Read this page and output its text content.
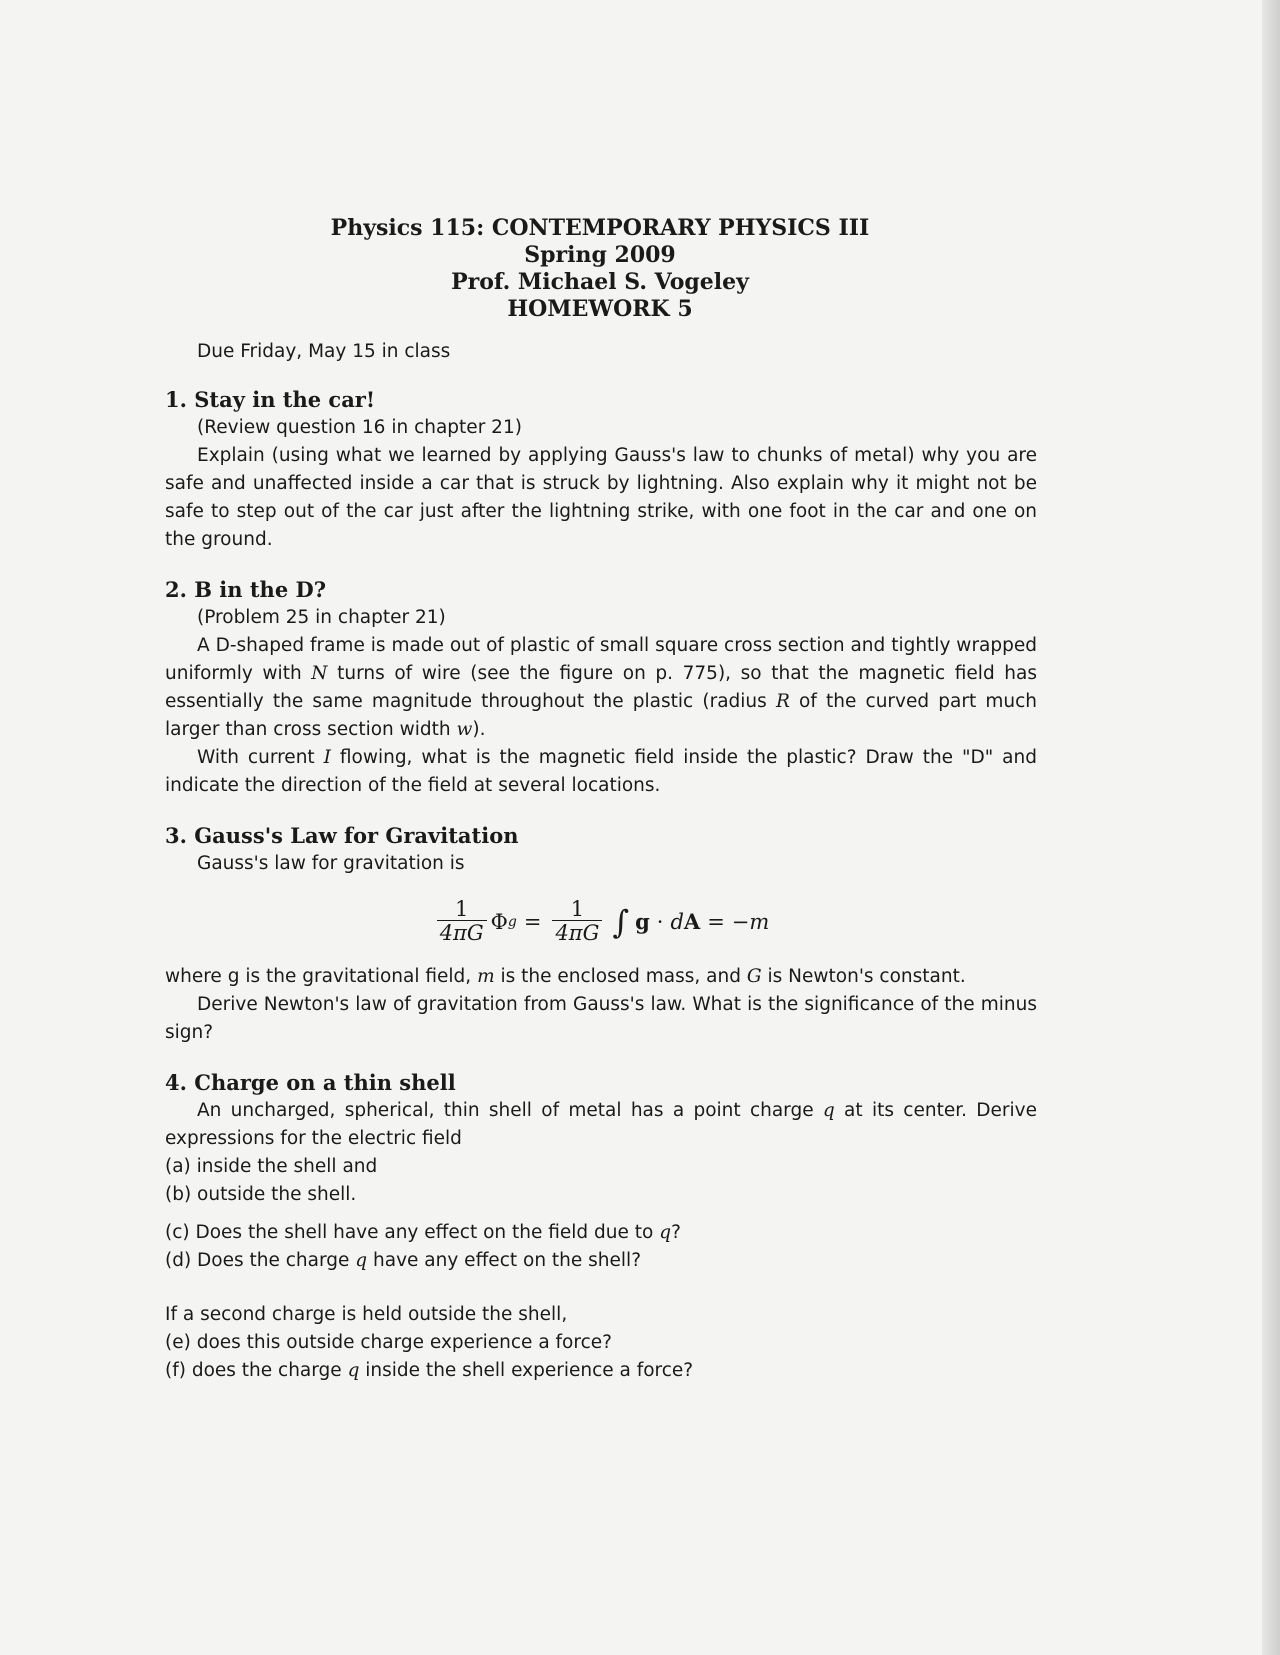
Physics 115: CONTEMPORARY PHYSICS III
Spring 2009
Prof. Michael S. Vogeley
HOMEWORK 5
Due Friday, May 15 in class
1. Stay in the car!
(Review question 16 in chapter 21)
Explain (using what we learned by applying Gauss's law to chunks of metal) why you are safe and unaffected inside a car that is struck by lightning. Also explain why it might not be safe to step out of the car just after the lightning strike, with one foot in the car and one on the ground.
2. B in the D?
(Problem 25 in chapter 21)
A D-shaped frame is made out of plastic of small square cross section and tightly wrapped uniformly with N turns of wire (see the figure on p. 775), so that the magnetic field has essentially the same magnitude throughout the plastic (radius R of the curved part much larger than cross section width w).
With current I flowing, what is the magnetic field inside the plastic? Draw the "D" and indicate the direction of the field at several locations.
3. Gauss's Law for Gravitation
Gauss's law for gravitation is
$\frac{1}{4\pi G}$ Φ $g = \frac{1}{4\pi G}$ ∫ g · dA = −m
where g is the gravitational field, m is the enclosed mass, and G is Newton's constant.
Derive Newton's law of gravitation from Gauss's law. What is the significance of the minus sign?
4. Charge on a thin shell
An uncharged, spherical, thin shell of metal has a point charge q at its center. Derive expressions for the electric field
(a) inside the shell and
(b) outside the shell.
(c) Does the shell have any effect on the field due to q?
(d) Does the charge q have any effect on the shell?
If a second charge is held outside the shell,
(e) does this outside charge experience a force?
(f) does the charge q inside the shell experience a force?
